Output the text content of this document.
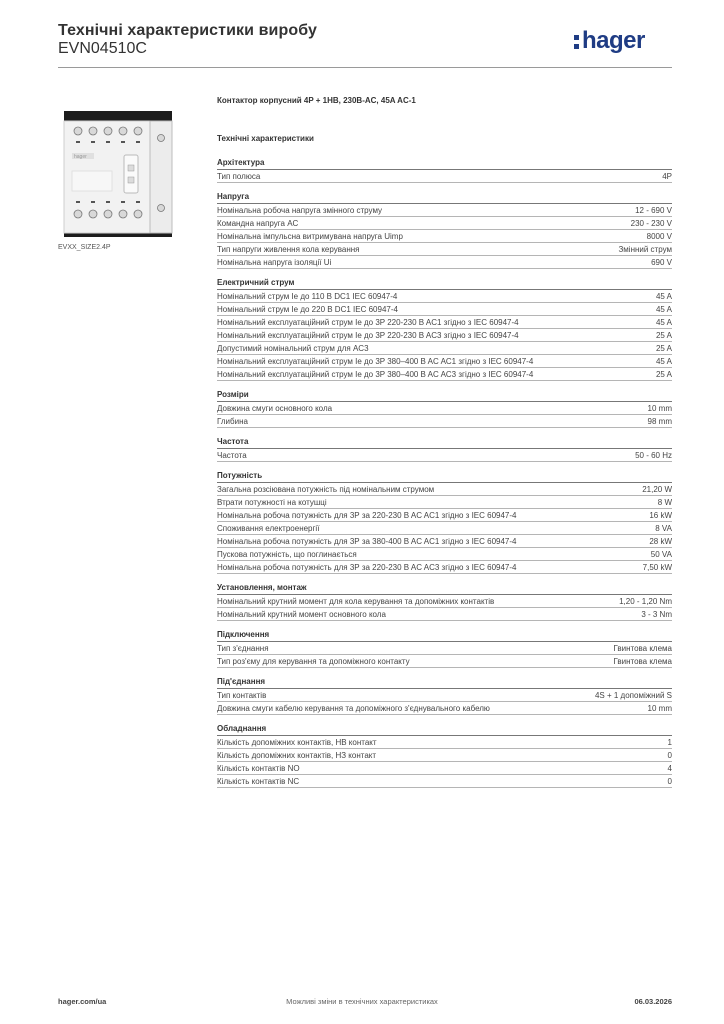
Технічні характеристики виробу
EVN04510C	hager
hager
EVXX_SIZE2.4P
Контактор корпусний 4P + 1НВ, 230В-AC, 45A AC-1
Технічні характеристики
Архітектура
Тип полюса	4P
Напруга
Номінальна робоча напруга змінного струму	12 - 690 V
Командна напруга AC	230 - 230 V
Номінальна імпульсна витримувана напруга Uimp	8000 V
Тип напруги живлення кола керування	Змінний струм
Номінальна напруга ізоляції Ui	690 V
Електричний струм
Номінальний струм Ie до 110 В DC1 IEC 60947-4	45 A
Номінальний струм Ie до 220 В DC1 IEC 60947-4	45 A
Номінальний експлуатаційний струм Ie до 3P 220-230 B AC1 згідно з IEC 60947-4	45 A
Номінальний експлуатаційний струм Ie до 3P 220-230 B AC3 згідно з IEC 60947-4	25 A
Допустимий номінальний струм для AC3	25 A
Номінальний експлуатаційний струм Ie до 3P 380–400 B AC AC1 згідно з IEC 60947-4	45 A
Номінальний експлуатаційний струм Ie до 3P 380–400 B AC AC3 згідно з IEC 60947-4	25 A
Розміри
Довжина смуги основного кола	10 mm
Глибина	98 mm
Частота
Частота	50 - 60 Hz
Потужність
Загальна розсіювана потужність під номінальним струмом	21,20 W
Втрати потужності на котушці	8 W
Номінальна робоча потужність для 3Р за 220-230 B AC AC1 згідно з IEC 60947-4	16 kW
Споживання електроенергії	8 VA
Номінальна робоча потужність для 3Р за 380-400 B AC AC1 згідно з IEC 60947-4	28 kW
Пускова потужність, що поглинається	50 VA
Номінальна робоча потужність для 3Р за 220-230 B AC AC3 згідно з IEC 60947-4	7,50 kW
Установлення, монтаж
Номінальний крутний момент для кола керування та допоміжних контактів	1,20 - 1,20 Nm
Номінальний крутний момент основного кола	3 - 3 Nm
Підключення
Тип з'єднання	Гвинтова клема
Тип роз'єму для керування та допоміжного контакту	Гвинтова клема
Під'єднання
Тип контактів	4S + 1 допоміжний S
Довжина смуги кабелю керування та допоміжного з'єднувального кабелю	10 mm
Обладнання
Кількість допоміжних контактів, НВ контакт	1
Кількість допоміжних контактів, НЗ контакт	0
Кількість контактів NO	4
Кількість контактів NC	0
hager.com/ua	Можливі зміни в технічних характеристиках	06.03.2026
